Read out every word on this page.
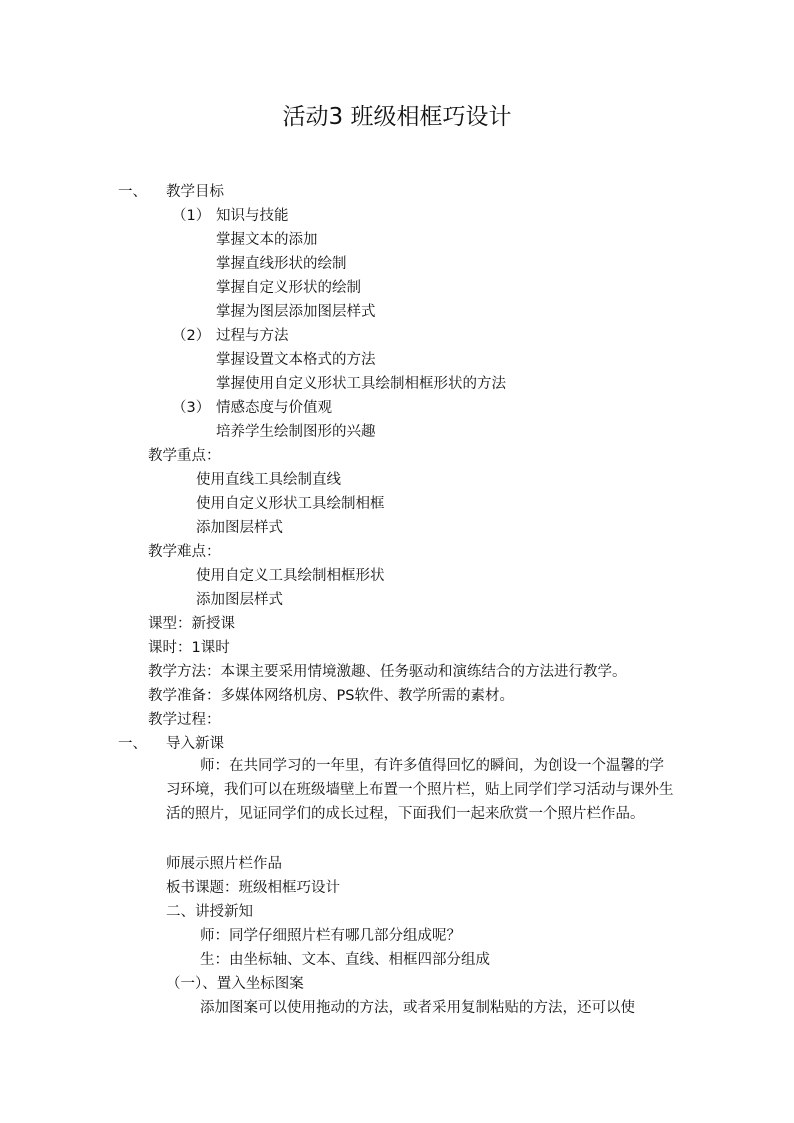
活动3 班级相框巧设计
一、 教学目标
（1） 知识与技能
掌握文本的添加
掌握直线形状的绘制
掌握自定义形状的绘制
掌握为图层添加图层样式
（2） 过程与方法
掌握设置文本格式的方法
掌握使用自定义形状工具绘制相框形状的方法
（3） 情感态度与价值观
培养学生绘制图形的兴趣
教学重点：
使用直线工具绘制直线
使用自定义形状工具绘制相框
添加图层样式
教学难点：
使用自定义工具绘制相框形状
添加图层样式
课型：新授课
课时：1课时
教学方法：本课主要采用情境激趣、任务驱动和演练结合的方法进行教学。
教学准备：多媒体网络机房、PS软件、教学所需的素材。
教学过程：
一、 导入新课
师：在共同学习的一年里，有许多值得回忆的瞬间，为创设一个温馨的学习环境，我们可以在班级墙壁上布置一个照片栏，贴上同学们学习活动与课外生活的照片，见证同学们的成长过程，下面我们一起来欣赏一个照片栏作品。
师展示照片栏作品
板书课题：班级相框巧设计
二、讲授新知
师：同学仔细照片栏有哪几部分组成呢？
生：由坐标轴、文本、直线、相框四部分组成
（一）、置入坐标图案
添加图案可以使用拖动的方法，或者采用复制粘贴的方法，还可以使
